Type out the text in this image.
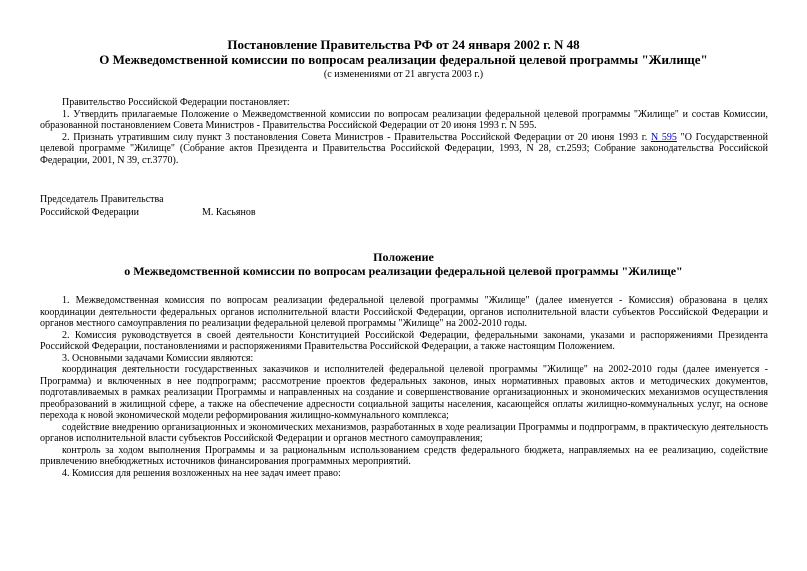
Постановление Правительства РФ от 24 января 2002 г. N 48
О Межведомственной комиссии по вопросам реализации федеральной целевой программы "Жилище"
(с изменениями от 21 августа 2003 г.)

Правительство Российской Федерации постановляет:

1. Утвердить прилагаемые Положение о Межведомственной комиссии по вопросам реализации федеральной целевой программы "Жилище" и состав Комиссии, образованной постановлением Совета Министров - Правительства Российской Федерации от 20 июня 1993 г. N 595.

2. Признать утратившим силу пункт 3 постановления Совета Министров - Правительства Российской Федерации от 20 июня 1993 г. N 595 "О Государственной целевой программе "Жилище" (Собрание актов Президента и Правительства Российской Федерации, 1993, N 28, ст.2593; Собрание законодательства Российской Федерации, 2001, N 39, ст.3770).

Председатель Правительства
Российской Федерации	М. Касьянов
Положение
о Межведомственной комиссии по вопросам реализации федеральной целевой программы "Жилище"

1. Межведомственная комиссия по вопросам реализации федеральной целевой программы "Жилище" (далее именуется - Комиссия) образована в целях координации деятельности федеральных органов исполнительной власти Российской Федерации, органов исполнительной власти субъектов Российской Федерации и органов местного самоуправления по реализации федеральной целевой программы "Жилище" на 2002-2010 годы.

2. Комиссия руководствуется в своей деятельности Конституцией Российской Федерации, федеральными законами, указами и распоряжениями Президента Российской Федерации, постановлениями и распоряжениями Правительства Российской Федерации, а также настоящим Положением.

3. Основными задачами Комиссии являются:

координация деятельности государственных заказчиков и исполнителей федеральной целевой программы "Жилище" на 2002-2010 годы (далее именуется - Программа) и включенных в нее подпрограмм; рассмотрение проектов федеральных законов, иных нормативных правовых актов и методических документов, подготавливаемых в рамках реализации Программы и направленных на создание и совершенствование организационных и экономических механизмов осуществления преобразований в жилищной сфере, а также на обеспечение адресности социальной защиты населения, касающейся оплаты жилищно-коммунальных услуг, на основе перехода к новой экономической модели реформирования жилищно-коммунального комплекса;

содействие внедрению организационных и экономических механизмов, разработанных в ходе реализации Программы и подпрограмм, в практическую деятельность органов исполнительной власти субъектов Российской Федерации и органов местного самоуправления;

контроль за ходом выполнения Программы и за рациональным использованием средств федерального бюджета, направляемых на ее реализацию, содействие привлечению внебюджетных источников финансирования программных мероприятий.

4. Комиссия для решения возложенных на нее задач имеет право:
